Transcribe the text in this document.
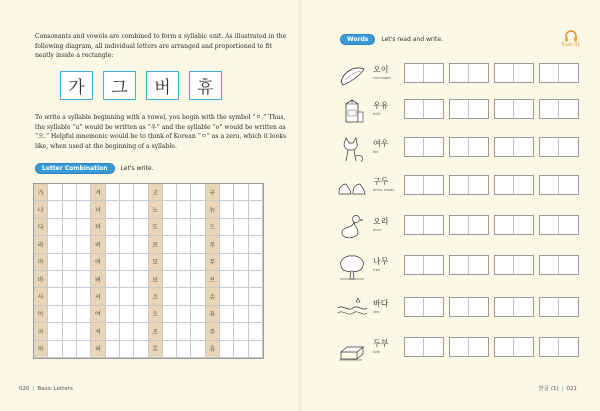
Consonants and vowels are combined to form a syllabic unit. As illustrated in the following diagram, all individual letters are arranged and proportioned to fit neatly inside a rectangle:

가	그	버	휴

To write a syllable beginning with a vowel, you begin with the symbol “ㅇ.” Thus, the syllable “u” would be written as “우” and the syllable “o” would be written as “오.” Helpful mnemonic would be to think of Korean “ㅇ” as a zero, which it looks like, when used at the beginning of a syllable.

Letter Combination	Let's write.
가	겨	고	구
나	녀	노	뉴
다	뎌	도	드
라	려	로	루
마	며	모	무
바	벼	보	브
사	셔	소	슈
아	여	오	유
자	져	조	주
하	혀	호	휴
020 | Basic Letters
Words	Let's read and write.
Track 01
오이
cucumber
우유
milk
여우
fox
구두
dress shoes
오리
duck
나무
tree
바다
sea
두부
tofu
한글 (1) | 021
